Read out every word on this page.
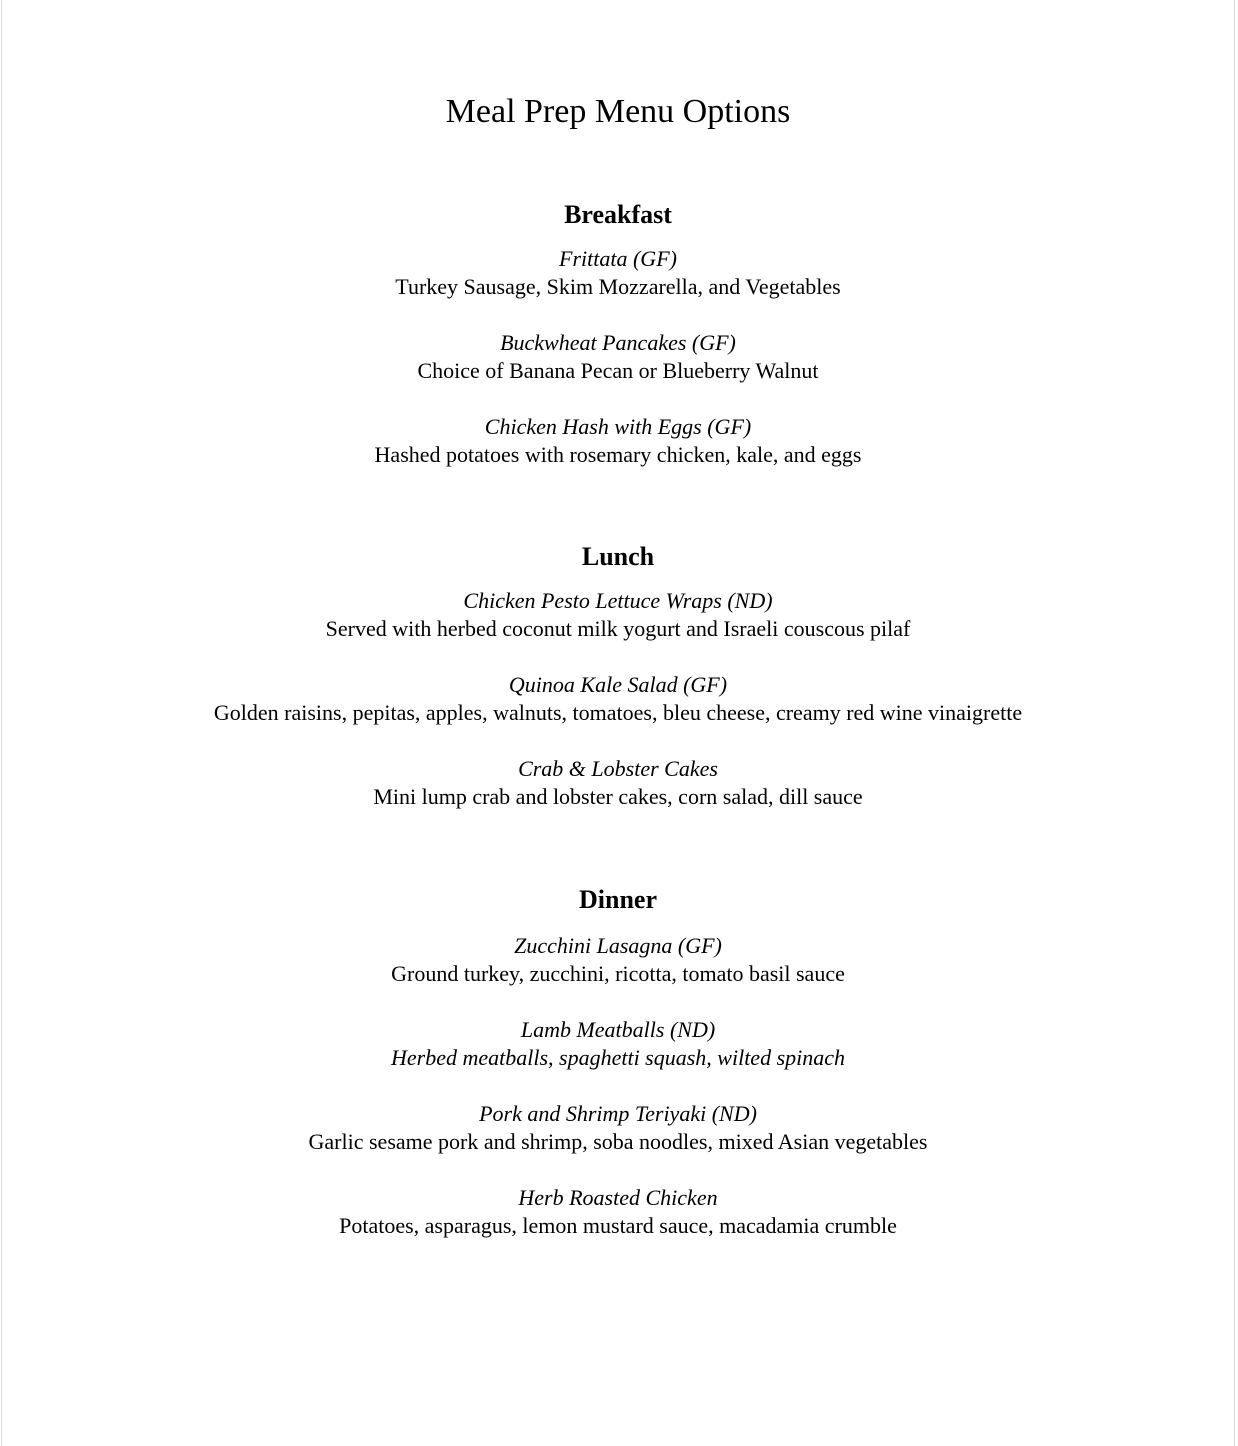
Meal Prep Menu Options
Breakfast

Frittata (GF)

Turkey Sausage, Skim Mozzarella, and Vegetables

Buckwheat Pancakes (GF)

Choice of Banana Pecan or Blueberry Walnut

Chicken Hash with Eggs (GF)

Hashed potatoes with rosemary chicken, kale, and eggs

Lunch

Chicken Pesto Lettuce Wraps (ND)

Served with herbed coconut milk yogurt and Israeli couscous pilaf

Quinoa Kale Salad (GF)

Golden raisins, pepitas, apples, walnuts, tomatoes, bleu cheese, creamy red wine vinaigrette

Crab & Lobster Cakes

Mini lump crab and lobster cakes, corn salad, dill sauce

Dinner

Zucchini Lasagna (GF)

Ground turkey, zucchini, ricotta, tomato basil sauce

Lamb Meatballs (ND)

Herbed meatballs, spaghetti squash, wilted spinach

Pork and Shrimp Teriyaki (ND)

Garlic sesame pork and shrimp, soba noodles, mixed Asian vegetables

Herb Roasted Chicken

Potatoes, asparagus, lemon mustard sauce, macadamia crumble
